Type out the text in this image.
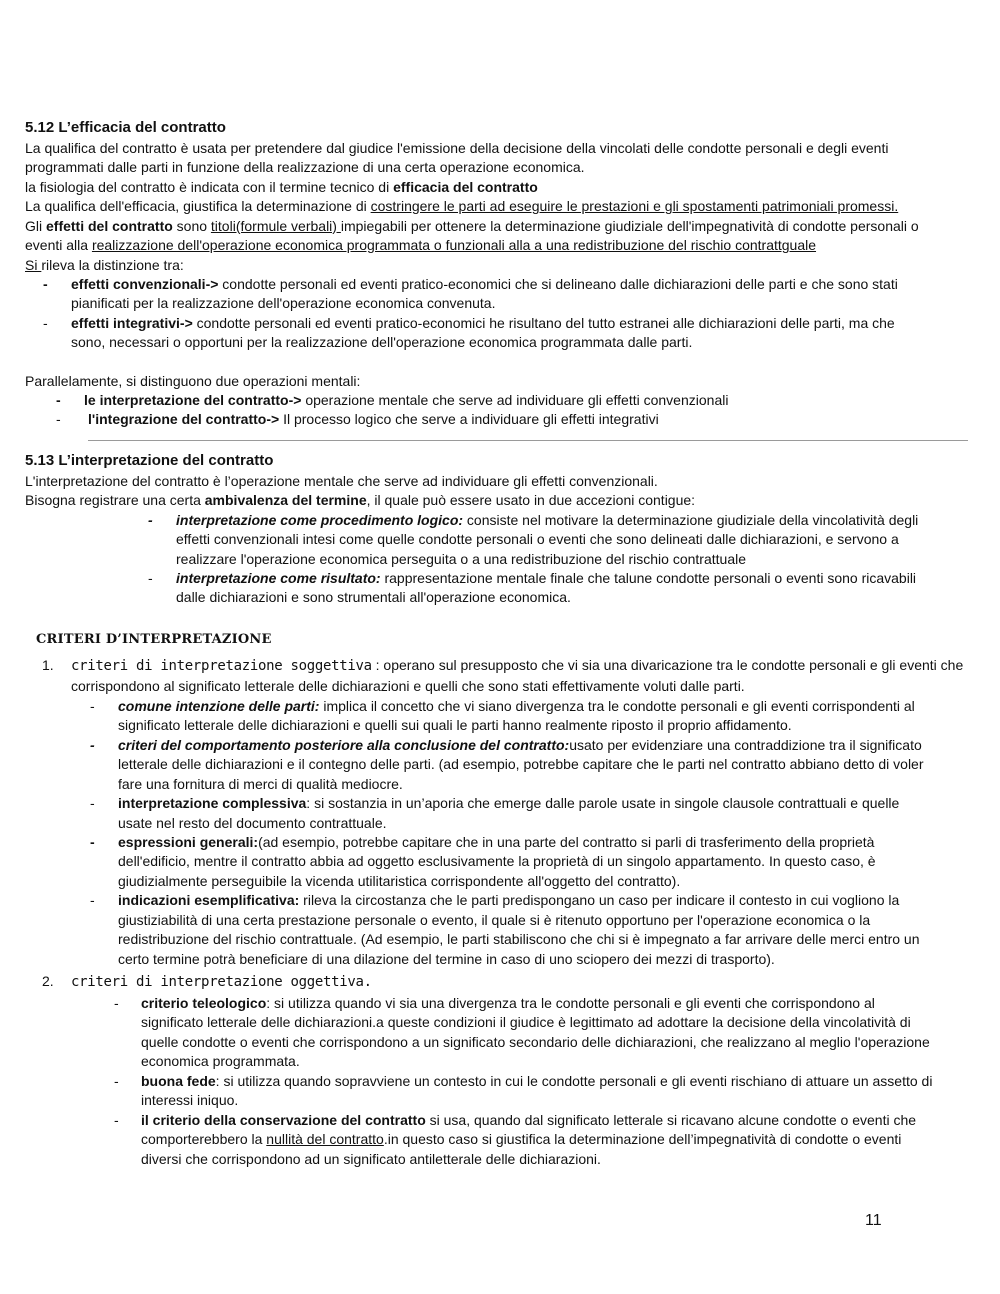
5.12 L’efficacia del contratto
La qualifica del contratto è usata per pretendere dal giudice l'emissione della decisione della vincolati delle condotte personali e degli eventi
programmati dalle parti in funzione della realizzazione di una certa operazione economica.
la fisiologia del contratto è indicata con il termine tecnico di efficacia del contratto
La qualifica dell'efficacia, giustifica la determinazione di costringere le parti ad eseguire le prestazioni e gli spostamenti patrimoniali promessi.
Gli effetti del contratto sono titoli(formule verbali) impiegabili per ottenere la determinazione giudiziale dell'impegnatività di condotte personali o
eventi alla realizzazione dell'operazione economica programmata o funzionali alla a una redistribuzione del rischio contrattguale
Si rileva la distinzione tra:
- effetti convenzionali-> condotte personali ed eventi pratico-economici che si delineano dalle dichiarazioni delle parti e che sono stati
pianificati per la realizzazione dell'operazione economica convenuta.
- effetti integrativi-> condotte personali ed eventi pratico-economici he risultano del tutto estranei alle dichiarazioni delle parti, ma che
sono, necessari o opportuni per la realizzazione dell'operazione economica programmata dalle parti.
Parallelamente, si distinguono due operazioni mentali:
- le interpretazione del contratto-> operazione mentale che serve ad individuare gli effetti convenzionali
- l'integrazione del contratto-> Il processo logico che serve a individuare gli effetti integrativi
5.13 L’interpretazione del contratto
L'interpretazione del contratto è l’operazione mentale che serve ad individuare gli effetti convenzionali.
Bisogna registrare una certa ambivalenza del termine, il quale può essere usato in due accezioni contigue:
- interpretazione come procedimento logico: consiste nel motivare la determinazione giudiziale della vincolatività degli
effetti convenzionali intesi come quelle condotte personali o eventi che sono delineati dalle dichiarazioni, e servono a
realizzare l'operazione economica perseguita o a una redistribuzione del rischio contrattuale
- interpretazione come risultato: rappresentazione mentale finale che talune condotte personali o eventi sono ricavabili
dalle dichiarazioni e sono strumentali all'operazione economica.
CRITERI D’INTERPRETAZIONE
1. criteri di interpretazione soggettiva : operano sul presupposto che vi sia una divaricazione tra le condotte personali e gli eventi che
corrispondono al significato letterale delle dichiarazioni e quelli che sono stati effettivamente voluti dalle parti.
- comune intenzione delle parti: implica il concetto che vi siano divergenza tra le condotte personali e gli eventi corrispondenti al
significato letterale delle dichiarazioni e quelli sui quali le parti hanno realmente riposto il proprio affidamento.
- criteri del comportamento posteriore alla conclusione del contratto:usato per evidenziare una contraddizione tra il significato
letterale delle dichiarazioni e il contegno delle parti. (ad esempio, potrebbe capitare che le parti nel contratto abbiano detto di voler
fare una fornitura di merci di qualità mediocre.
- interpretazione complessiva: si sostanzia in un’aporia che emerge dalle parole usate in singole clausole contrattuali e quelle
usate nel resto del documento contrattuale.
- espressioni generali:(ad esempio, potrebbe capitare che in una parte del contratto si parli di trasferimento della proprietà
dell'edificio, mentre il contratto abbia ad oggetto esclusivamente la proprietà di un singolo appartamento. In questo caso, è
giudizialmente perseguibile la vicenda utilitaristica corrispondente all'oggetto del contratto).
- indicazioni esemplificativa: rileva la circostanza che le parti predispongano un caso per indicare il contesto in cui vogliono la
giustiziabilità di una certa prestazione personale o evento, il quale si è ritenuto opportuno per l'operazione economica o la
redistribuzione del rischio contrattuale. (Ad esempio, le parti stabiliscono che chi si è impegnato a far arrivare delle merci entro un
certo termine potrà beneficiare di una dilazione del termine in caso di uno sciopero dei mezzi di trasporto).
2. criteri di interpretazione oggettiva.
- criterio teleologico: si utilizza quando vi sia una divergenza tra le condotte personali e gli eventi che corrispondono al
significato letterale delle dichiarazioni.a queste condizioni il giudice è legittimato ad adottare la decisione della vincolatività di
quelle condotte o eventi che corrispondono a un significato secondario delle dichiarazioni, che realizzano al meglio l'operazione
economica programmata.
- buona fede: si utilizza quando sopravviene un contesto in cui le condotte personali e gli eventi rischiano di attuare un assetto di
interessi iniquo.
- il criterio della conservazione del contratto si usa, quando dal significato letterale si ricavano alcune condotte o eventi che
comporterebbero la nullità del contratto.in questo caso si giustifica la determinazione dell’impegnatività di condotte o eventi
diversi che corrispondono ad un significato antiletterale delle dichiarazioni.
11
